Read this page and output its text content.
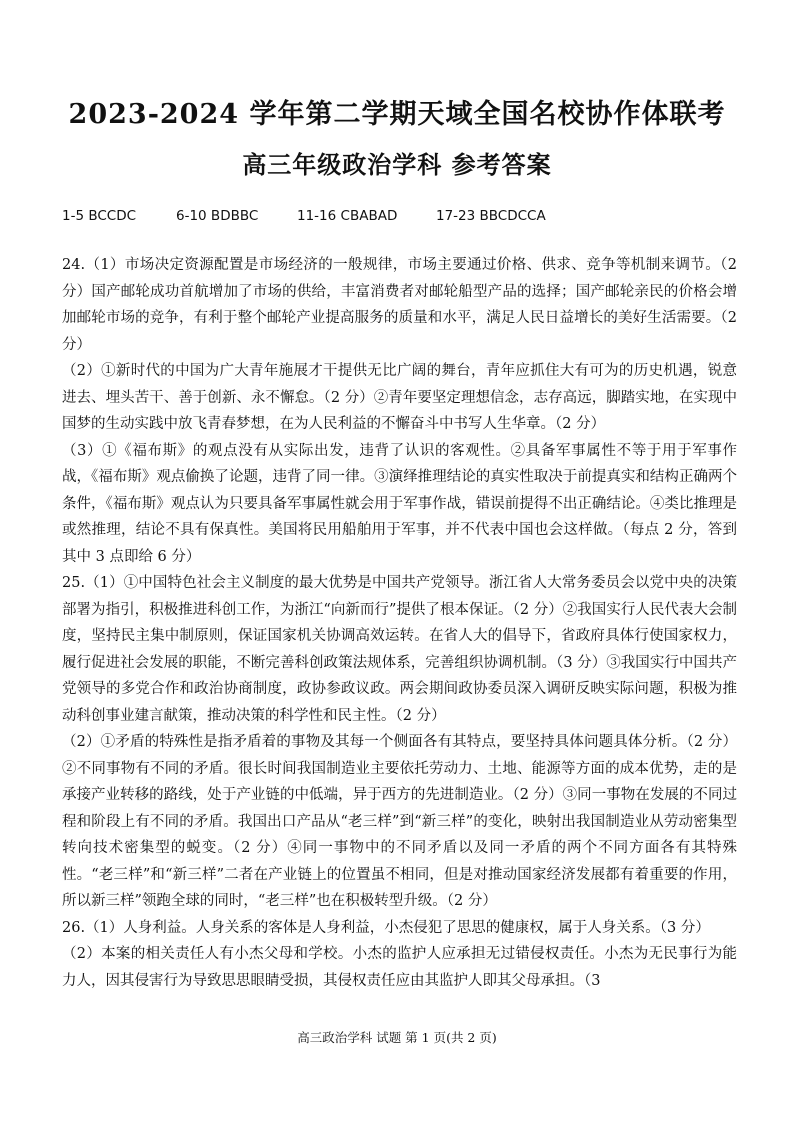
2023-2024 学年第二学期天域全国名校协作体联考
高三年级政治学科 参考答案
1-5 BCCDC	6-10 BDBBC	11-16 CBABAD	17-23 BBCDCCA

24.（1）市场决定资源配置是市场经济的一般规律，市场主要通过价格、供求、竞争等机制来调节。（2 分）国产邮轮成功首航增加了市场的供给，丰富消费者对邮轮船型产品的选择；国产邮轮亲民的价格会增加邮轮市场的竞争，有利于整个邮轮产业提高服务的质量和水平，满足人民日益增长的美好生活需要。（2 分）

（2）①新时代的中国为广大青年施展才干提供无比广阔的舞台，青年应抓住大有可为的历史机遇，锐意进去、埋头苦干、善于创新、永不懈怠。（2 分）②青年要坚定理想信念，志存高远，脚踏实地，在实现中国梦的生动实践中放飞青春梦想，在为人民利益的不懈奋斗中书写人生华章。（2 分）

（3）①《福布斯》的观点没有从实际出发，违背了认识的客观性。②具备军事属性不等于用于军事作战，《福布斯》观点偷换了论题，违背了同一律。③演绎推理结论的真实性取决于前提真实和结构正确两个条件，《福布斯》观点认为只要具备军事属性就会用于军事作战，错误前提得不出正确结论。④类比推理是或然推理，结论不具有保真性。美国将民用船舶用于军事，并不代表中国也会这样做。（每点 2 分，答到其中 3 点即给 6 分）

25.（1）①中国特色社会主义制度的最大优势是中国共产党领导。浙江省人大常务委员会以党中央的决策部署为指引，积极推进科创工作，为浙江“向新而行”提供了根本保证。（2 分）②我国实行人民代表大会制度，坚持民主集中制原则，保证国家机关协调高效运转。在省人大的倡导下，省政府具体行使国家权力，履行促进社会发展的职能，不断完善科创政策法规体系，完善组织协调机制。（3 分）③我国实行中国共产党领导的多党合作和政治协商制度，政协参政议政。两会期间政协委员深入调研反映实际问题，积极为推动科创事业建言献策，推动决策的科学性和民主性。（2 分）

（2）①矛盾的特殊性是指矛盾着的事物及其每一个侧面各有其特点，要坚持具体问题具体分析。（2 分）②不同事物有不同的矛盾。很长时间我国制造业主要依托劳动力、土地、能源等方面的成本优势，走的是承接产业转移的路线，处于产业链的中低端，异于西方的先进制造业。（2 分）③同一事物在发展的不同过程和阶段上有不同的矛盾。我国出口产品从“老三样”到“新三样”的变化，映射出我国制造业从劳动密集型转向技术密集型的蜕变。（2 分）④同一事物中的不同矛盾以及同一矛盾的两个不同方面各有其特殊性。“老三样”和“新三样”二者在产业链上的位置虽不相同，但是对推动国家经济发展都有着重要的作用，所以新三样”领跑全球的同时，“老三样”也在积极转型升级。（2 分）

26.（1）人身利益。人身关系的客体是人身利益，小杰侵犯了思思的健康权，属于人身关系。（3 分）

（2）本案的相关责任人有小杰父母和学校。小杰的监护人应承担无过错侵权责任。小杰为无民事行为能力人，因其侵害行为导致思思眼睛受损，其侵权责任应由其监护人即其父母承担。（3

高三政治学科 试题 第 1 页(共 2 页)
